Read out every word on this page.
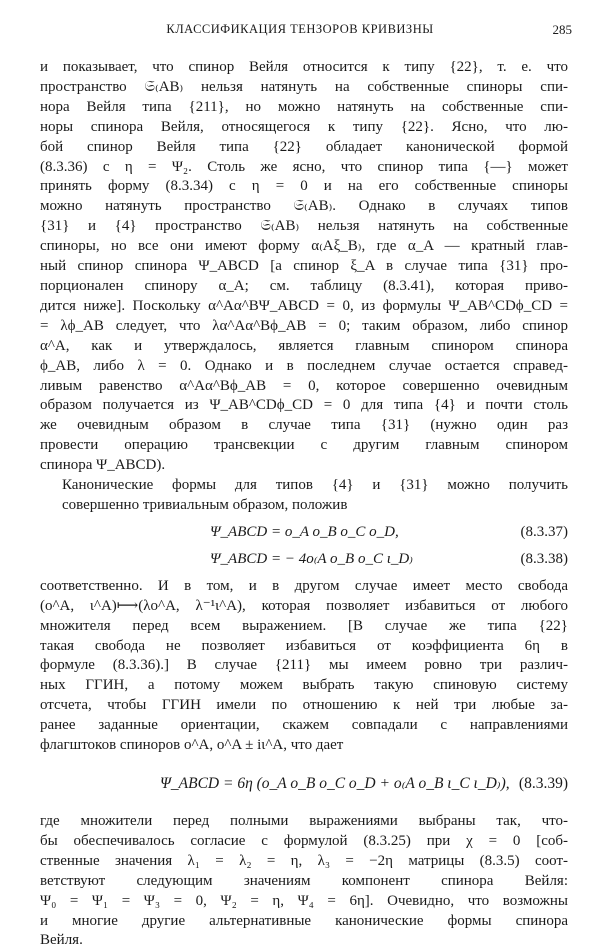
КЛАССИФИКАЦИЯ ТЕНЗОРОВ КРИВИЗНЫ	285

и показывает, что спинор Вейля относится к типу {22}, т. е. что
пространство 𝔖₍AB₎ нельзя натянуть на собственные спиноры спи-
нора Вейля типа {211}, но можно натянуть на собственные спи-
норы спинора Вейля, относящегося к типу {22}. Ясно, что лю-
бой спинор Вейля типа {22} обладает канонической формой
(8.3.36) с η = Ψ₂. Столь же ясно, что спинор типа {—} может
принять форму (8.3.34) с η = 0 и на его собственные спиноры
можно натянуть пространство 𝔖₍AB₎. Однако в случаях типов
{31} и {4} пространство 𝔖₍AB₎ нельзя натянуть на собственные
спиноры, но все они имеют форму α₍Aξ_B₎, где α_A — кратный глав-
ный спинор спинора Ψ_ABCD [а спинор ξ_A в случае типа {31} про-
порционален спинору α_A; см. таблицу (8.3.41), которая приво-
дится ниже]. Поскольку α^Aα^BΨ_ABCD = 0, из формулы Ψ_AB^CDϕ_CD =
= λϕ_AB следует, что λα^Aα^Bϕ_AB = 0; таким образом, либо спинор
α^A, как и утверждалось, является главным спинором спинора
ϕ_AB, либо λ = 0. Однако и в последнем случае остается справед-
ливым равенство α^Aα^Bϕ_AB = 0, которое совершенно очевидным
образом получается из Ψ_AB^CDϕ_CD = 0 для типа {4} и почти столь
же очевидным образом в случае типа {31} (нужно один раз
провести операцию трансвекции с другим главным спинором
спинора Ψ_ABCD).

Канонические формы для типов {4} и {31} можно получить
совершенно тривиальным образом, положив

Ψ_ABCD = o_A o_B o_C o_D,	(8.3.37)
Ψ_ABCD = − 4o₍A o_B o_C ι_D₎	(8.3.38)

соответственно. И в том, и в другом случае имеет место свобода
(o^A, ι^A)⟼(λo^A, λ⁻¹ι^A), которая позволяет избавиться от любого
множителя перед всем выражением. [В случае же типа {22}
такая свобода не позволяет избавиться от коэффициента 6η в
формуле (8.3.36).] В случае {211} мы имеем ровно три различ-
ных ГГИН, а потому можем выбрать такую спиновую систему
отсчета, чтобы ГГИН имели по отношению к ней три любые за-
ранее заданные ориентации, скажем совпадали с направлениями
флагштоков спиноров o^A, o^A ± iι^A, что дает

Ψ_ABCD = 6η (o_A o_B o_C o_D + o₍A o_B ι_C ι_D₎), (8.3.39)

где множители перед полными выражениями выбраны так, что-
бы обеспечивалось согласие с формулой (8.3.25) при χ = 0 [соб-
ственные значения λ₁ = λ₂ = η, λ₃ = −2η матрицы (8.3.5) соот-
ветствуют следующим значениям компонент спинора Вейля:
Ψ₀ = Ψ₁ = Ψ₃ = 0, Ψ₂ = η, Ψ₄ = 6η]. Очевидно, что возможны
и многие другие альтернативные канонические формы спинора
Вейля.
